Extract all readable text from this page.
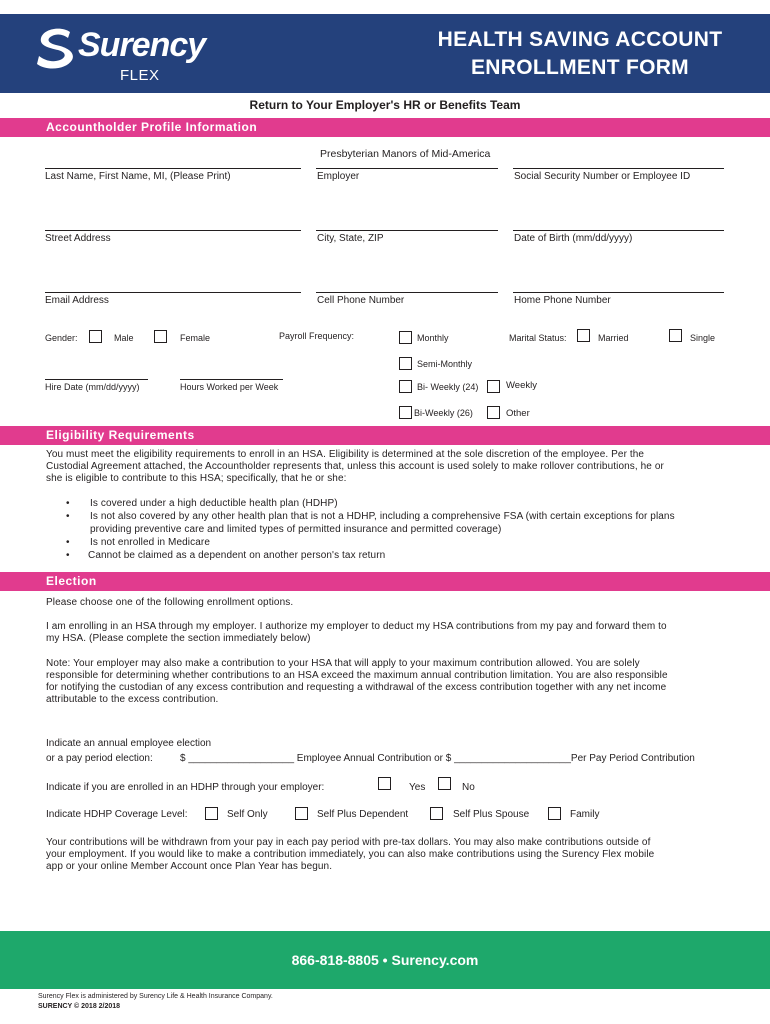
Surency
FLEX
HEALTH SAVING ACCOUNT
ENROLLMENT FORM
Return to Your Employer's HR or Benefits Team
Accountholder Profile Information
Presbyterian Manors of Mid-America
Last Name, First Name, MI, (Please Print)	Employer	Social Security Number or Employee ID
Street Address	City, State, ZIP	Date of Birth (mm/dd/yyyy)
Email Address	Cell Phone Number	Home Phone Number
Gender:	Male	Female	Payroll Frequency:	Monthly
Semi-Monthly
Bi- Weekly (24)	Weekly
Bi-Weekly (26)	Other
Marital Status:	Married	Single
Hire Date (mm/dd/yyyy)	Hours Worked per Week
Eligibility Requirements
You must meet the eligibility requirements to enroll in an HSA. Eligibility is determined at the sole discretion of the employee. Per the
Custodial Agreement attached, the Accountholder represents that, unless this account is used solely to make rollover contributions, he or
she is eligible to contribute to this HSA; specifically, that he or she:
• Is covered under a high deductible health plan (HDHP)
• Is not also covered by any other health plan that is not a HDHP, including a comprehensive FSA (with certain exceptions for plans
providing preventive care and limited types of permitted insurance and permitted coverage)
• Is not enrolled in Medicare
• Cannot be claimed as a dependent on another person's tax return
Election
Please choose one of the following enrollment options.
I am enrolling in an HSA through my employer. I authorize my employer to deduct my HSA contributions from my pay and forward them to
my HSA. (Please complete the section immediately below)
Note: Your employer may also make a contribution to your HSA that will apply to your maximum contribution allowed. You are solely
responsible for determining whether contributions to an HSA exceed the maximum annual contribution limitation. You are also responsible
for notifying the custodian of any excess contribution and requesting a withdrawal of the excess contribution together with any net income
attributable to the excess contribution.
Indicate an annual employee election
or a pay period election:	$ ___________________ Employee Annual Contribution or $ _____________________Per Pay Period Contribution
Indicate if you are enrolled in an HDHP through your employer:	Yes	No
Indicate HDHP Coverage Level:	Self Only	Self Plus Dependent	Self Plus Spouse	Family
Your contributions will be withdrawn from your pay in each pay period with pre-tax dollars. You may also make contributions outside of
your employment. If you would like to make a contribution immediately, you can also make contributions using the Surency Flex mobile
app or your online Member Account once Plan Year has begun.
866-818-8805 • Surency.com
Surency Flex is administered by Surency Life & Health Insurance Company.
SURENCY © 2018 2/2018
